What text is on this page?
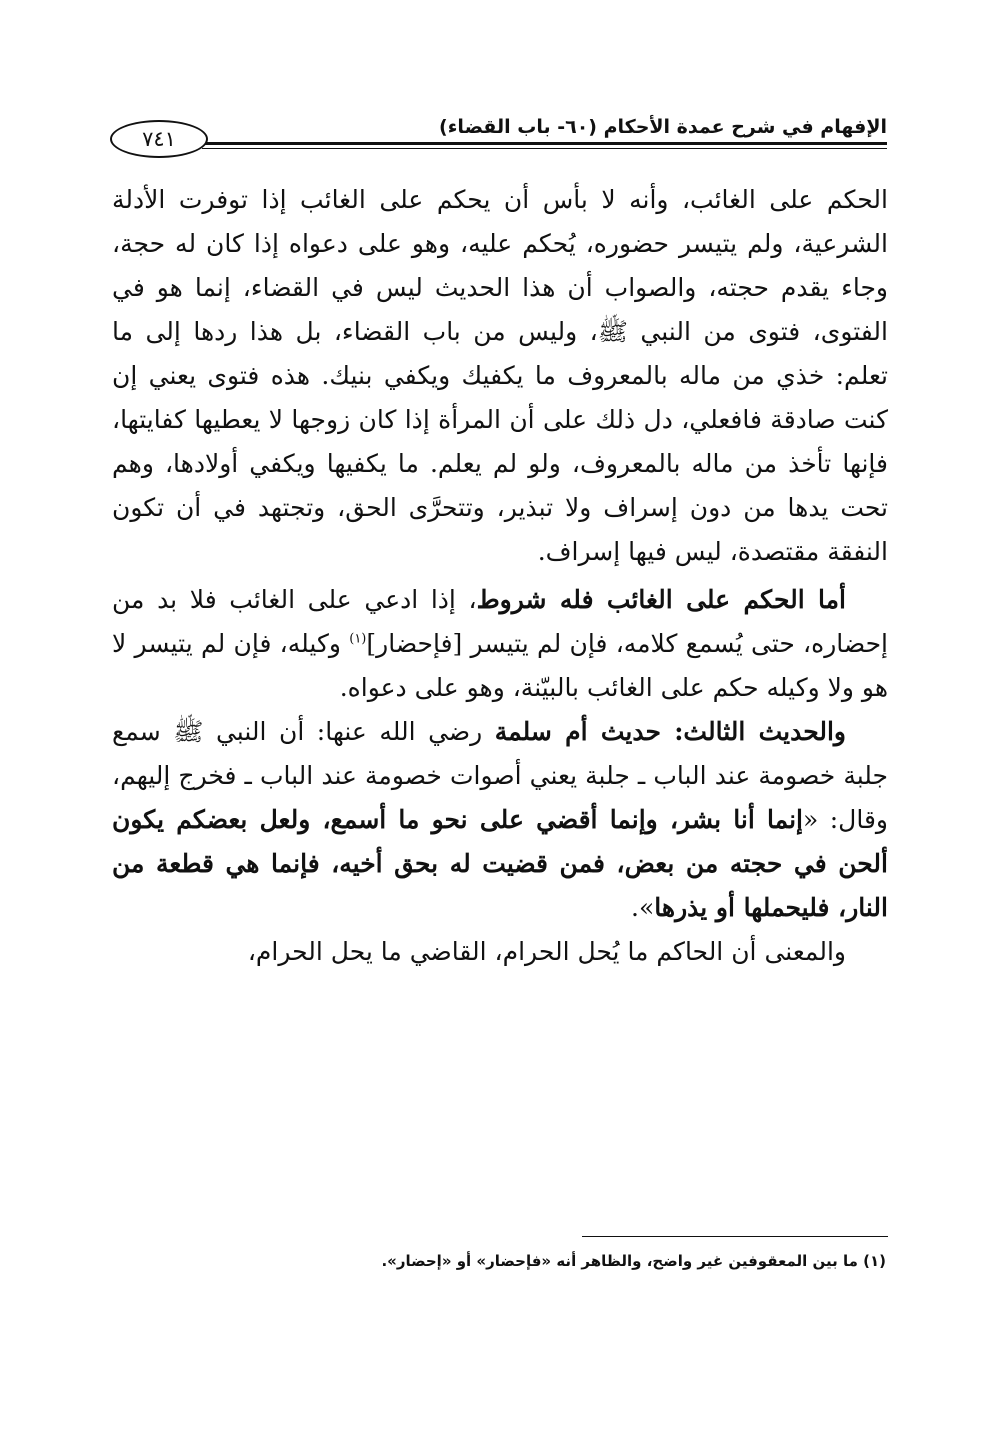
الإفهام في شرح عمدة الأحكام (٦٠- باب القضاء)
٧٤١

الحكم على الغائب، وأنه لا بأس أن يحكم على الغائب إذا توفرت الأدلة الشرعية، ولم يتيسر حضوره، يُحكم عليه، وهو على دعواه إذا كان له حجة، وجاء يقدم حجته، والصواب أن هذا الحديث ليس في القضاء، إنما هو في الفتوى، فتوى من النبي ﷺ، وليس من باب القضاء، بل هذا ردها إلى ما تعلم: خذي من ماله بالمعروف ما يكفيك ويكفي بنيك. هذه فتوى يعني إن كنت صادقة فافعلي، دل ذلك على أن المرأة إذا كان زوجها لا يعطيها كفايتها، فإنها تأخذ من ماله بالمعروف، ولو لم يعلم. ما يكفيها ويكفي أولادها، وهم تحت يدها من دون إسراف ولا تبذير، وتتحرَّى الحق، وتجتهد في أن تكون النفقة مقتصدة، ليس فيها إسراف.

أما الحكم على الغائب فله شروط، إذا ادعي على الغائب فلا بد من إحضاره، حتى يُسمع كلامه، فإن لم يتيسر [فإحضار]$^{(١)}$ وكيله، فإن لم يتيسر لا هو ولا وكيله حكم على الغائب بالبيّنة، وهو على دعواه.

والحديث الثالث: حديث أم سلمة رضي الله عنها: أن النبي ﷺ سمع جلبة خصومة عند الباب ـ جلبة يعني أصوات خصومة عند الباب ـ فخرج إليهم، وقال: «إنما أنا بشر، وإنما أقضي على نحو ما أسمع، ولعل بعضكم يكون ألحن في حجته من بعض، فمن قضيت له بحق أخيه، فإنما هي قطعة من النار، فليحملها أو يذرها».

والمعنى أن الحاكم ما يُحل الحرام، القاضي ما يحل الحرام،

(١) ما بين المعقوفين غير واضح، والظاهر أنه «فإحضار» أو «إحضار».
